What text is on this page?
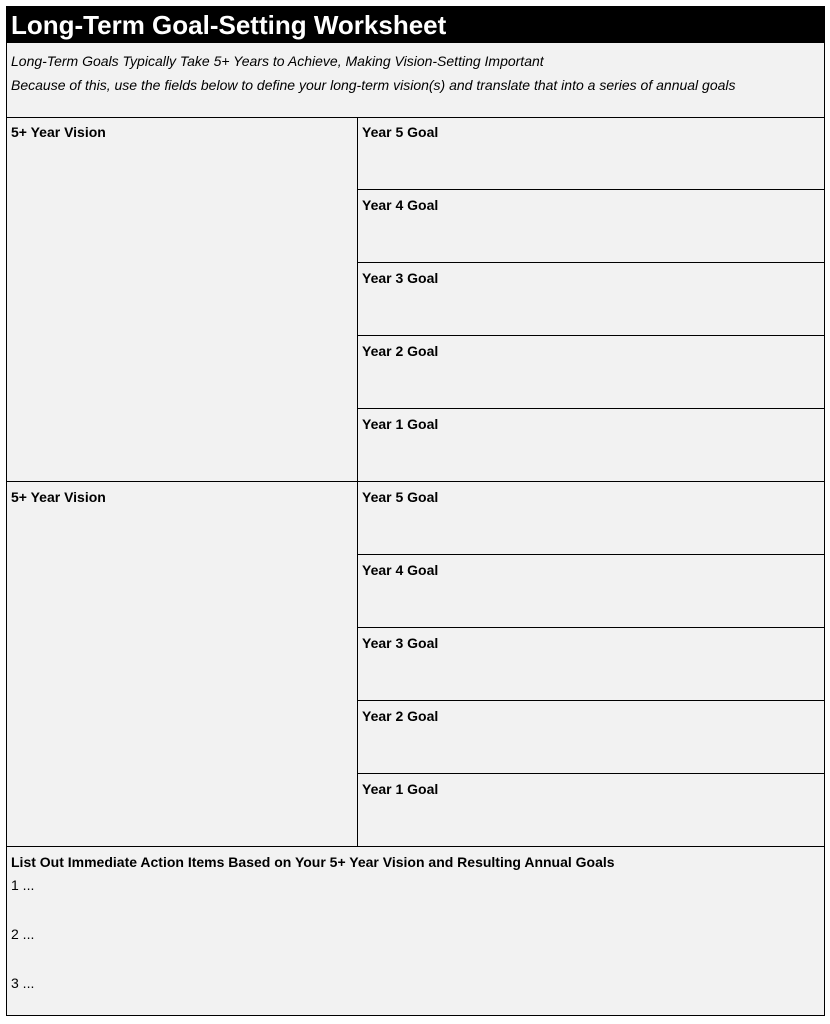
Long-Term Goal-Setting Worksheet
Long-Term Goals Typically Take 5+ Years to Achieve, Making Vision-Setting Important
Because of this, use the fields below to define your long-term vision(s) and translate that into a series of annual goals
5+ Year Vision	Year 5 Goal
Year 4 Goal
Year 3 Goal
Year 2 Goal
Year 1 Goal
5+ Year Vision	Year 5 Goal
Year 4 Goal
Year 3 Goal
Year 2 Goal
Year 1 Goal
List Out Immediate Action Items Based on Your 5+ Year Vision and Resulting Annual Goals
1 ...
2 ...
3 ...
